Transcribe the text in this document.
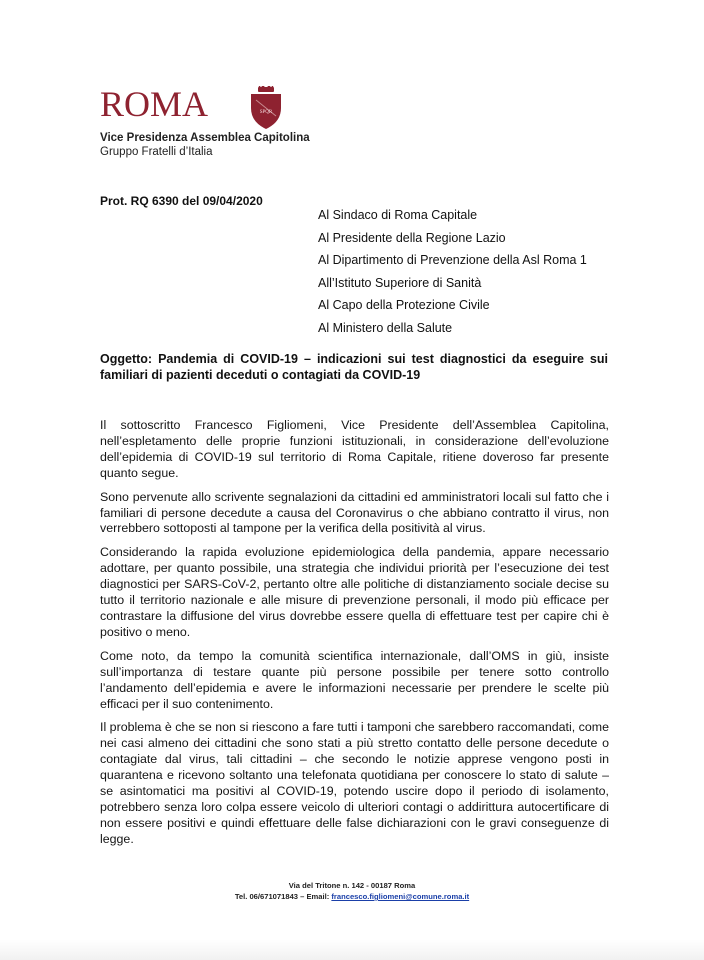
ROMA	SPQR
Vice Presidenza Assemblea Capitolina
Gruppo Fratelli d’Italia
Prot. RQ 6390 del 09/04/2020
Al Sindaco di Roma Capitale
Al Presidente della Regione Lazio
Al Dipartimento di Prevenzione della Asl Roma 1
All’Istituto Superiore di Sanità
Al Capo della Protezione Civile
Al Ministero della Salute
Oggetto: Pandemia di COVID-19 – indicazioni sui test diagnostici da eseguire sui familiari di pazienti deceduti o contagiati da COVID-19

Il sottoscritto Francesco Figliomeni, Vice Presidente dell’Assemblea Capitolina, nell’espletamento delle proprie funzioni istituzionali, in considerazione dell’evoluzione dell’epidemia di COVID-19 sul territorio di Roma Capitale, ritiene doveroso far presente quanto segue.

Sono pervenute allo scrivente segnalazioni da cittadini ed amministratori locali sul fatto che i familiari di persone decedute a causa del Coronavirus o che abbiano contratto il virus, non verrebbero sottoposti al tampone per la verifica della positività al virus.

Considerando la rapida evoluzione epidemiologica della pandemia, appare necessario adottare, per quanto possibile, una strategia che individui priorità per l’esecuzione dei test diagnostici per SARS-CoV-2, pertanto oltre alle politiche di distanziamento sociale decise su tutto il territorio nazionale e alle misure di prevenzione personali, il modo più efficace per contrastare la diffusione del virus dovrebbe essere quella di effettuare test per capire chi è positivo o meno.

Come noto, da tempo la comunità scientifica internazionale, dall’OMS in giù, insiste sull’importanza di testare quante più persone possibile per tenere sotto controllo l’andamento dell’epidemia e avere le informazioni necessarie per prendere le scelte più efficaci per il suo contenimento.

Il problema è che se non si riescono a fare tutti i tamponi che sarebbero raccomandati, come nei casi almeno dei cittadini che sono stati a più stretto contatto delle persone decedute o contagiate dal virus, tali cittadini – che secondo le notizie apprese vengono posti in quarantena e ricevono soltanto una telefonata quotidiana per conoscere lo stato di salute – se asintomatici ma positivi al COVID-19, potendo uscire dopo il periodo di isolamento, potrebbero senza loro colpa essere veicolo di ulteriori contagi o addirittura autocertificare di non essere positivi e quindi effettuare delle false dichiarazioni con le gravi conseguenze di legge.

Via del Tritone n. 142 - 00187 Roma
Tel. 06/671071843 – Email: francesco.figliomeni@comune.roma.it
